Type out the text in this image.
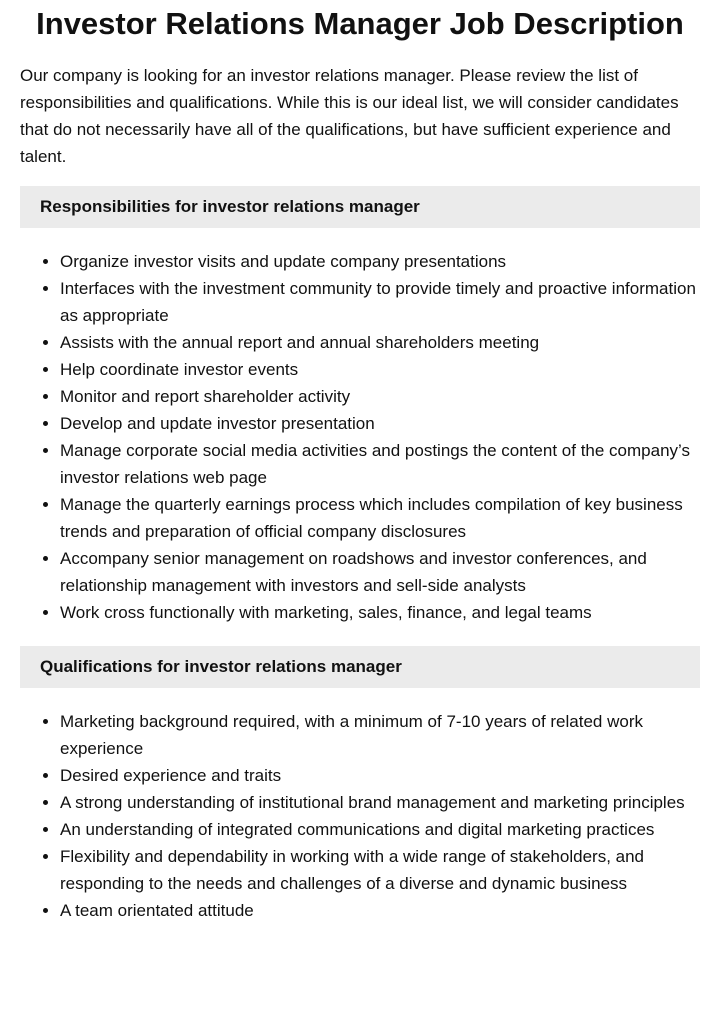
Investor Relations Manager Job Description

Our company is looking for an investor relations manager. Please review the list of responsibilities and qualifications. While this is our ideal list, we will consider candidates that do not necessarily have all of the qualifications, but have sufficient experience and talent.

Responsibilities for investor relations manager
• Organize investor visits and update company presentations
• Interfaces with the investment community to provide timely and proactive information as appropriate
• Assists with the annual report and annual shareholders meeting
• Help coordinate investor events
• Monitor and report shareholder activity
• Develop and update investor presentation
• Manage corporate social media activities and postings the content of the company’s investor relations web page
• Manage the quarterly earnings process which includes compilation of key business trends and preparation of official company disclosures
• Accompany senior management on roadshows and investor conferences, and relationship management with investors and sell-side analysts
• Work cross functionally with marketing, sales, finance, and legal teams
Qualifications for investor relations manager
• Marketing background required, with a minimum of 7-10 years of related work experience
• Desired experience and traits
• A strong understanding of institutional brand management and marketing principles
• An understanding of integrated communications and digital marketing practices
• Flexibility and dependability in working with a wide range of stakeholders, and responding to the needs and challenges of a diverse and dynamic business
• A team orientated attitude
